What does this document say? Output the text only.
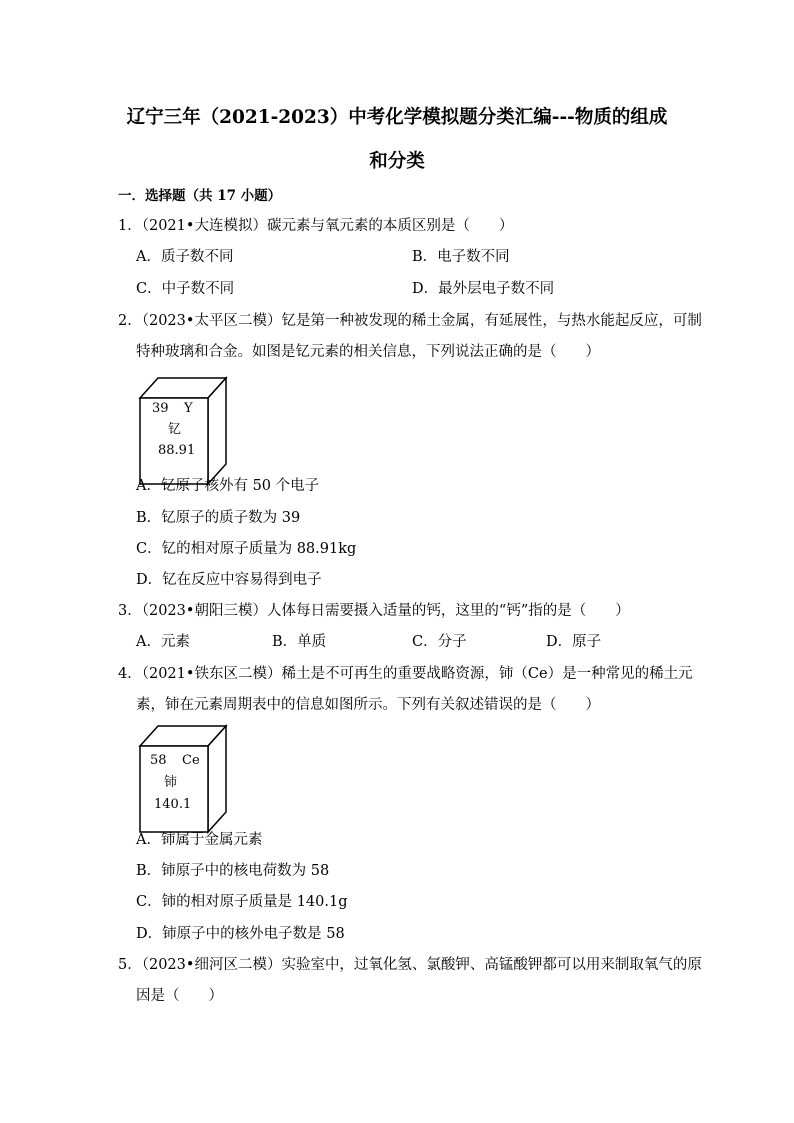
辽宁三年（2021-2023）中考化学模拟题分类汇编---物质的组成
和分类
一．选择题（共 17 小题）
1．（2021•大连模拟）碳元素与氧元素的本质区别是（　　）
A．质子数不同	B．电子数不同
C．中子数不同	D．最外层电子数不同
2．（2023•太平区二模）钇是第一种被发现的稀土金属，有延展性，与热水能起反应，可制
特种玻璃和合金。如图是钇元素的相关信息，下列说法正确的是（　　）
39 Y
钇
88.91
A．钇原子核外有 50 个电子
B．钇原子的质子数为 39
C．钇的相对原子质量为 88.91kg
D．钇在反应中容易得到电子
3．（2023•朝阳三模）人体每日需要摄入适量的钙，这里的“钙”指的是（　　）
A．元素	B．单质	C．分子	D．原子
4．（2021•铁东区二模）稀土是不可再生的重要战略资源，铈（Ce）是一种常见的稀土元
素，铈在元素周期表中的信息如图所示。下列有关叙述错误的是（　　）
58 Ce
铈
140.1
A．铈属于金属元素
B．铈原子中的核电荷数为 58
C．铈的相对原子质量是 140.1g
D．铈原子中的核外电子数是 58
5．（2023•细河区二模）实验室中，过氧化氢、氯酸钾、高锰酸钾都可以用来制取氧气的原
因是（　　）
